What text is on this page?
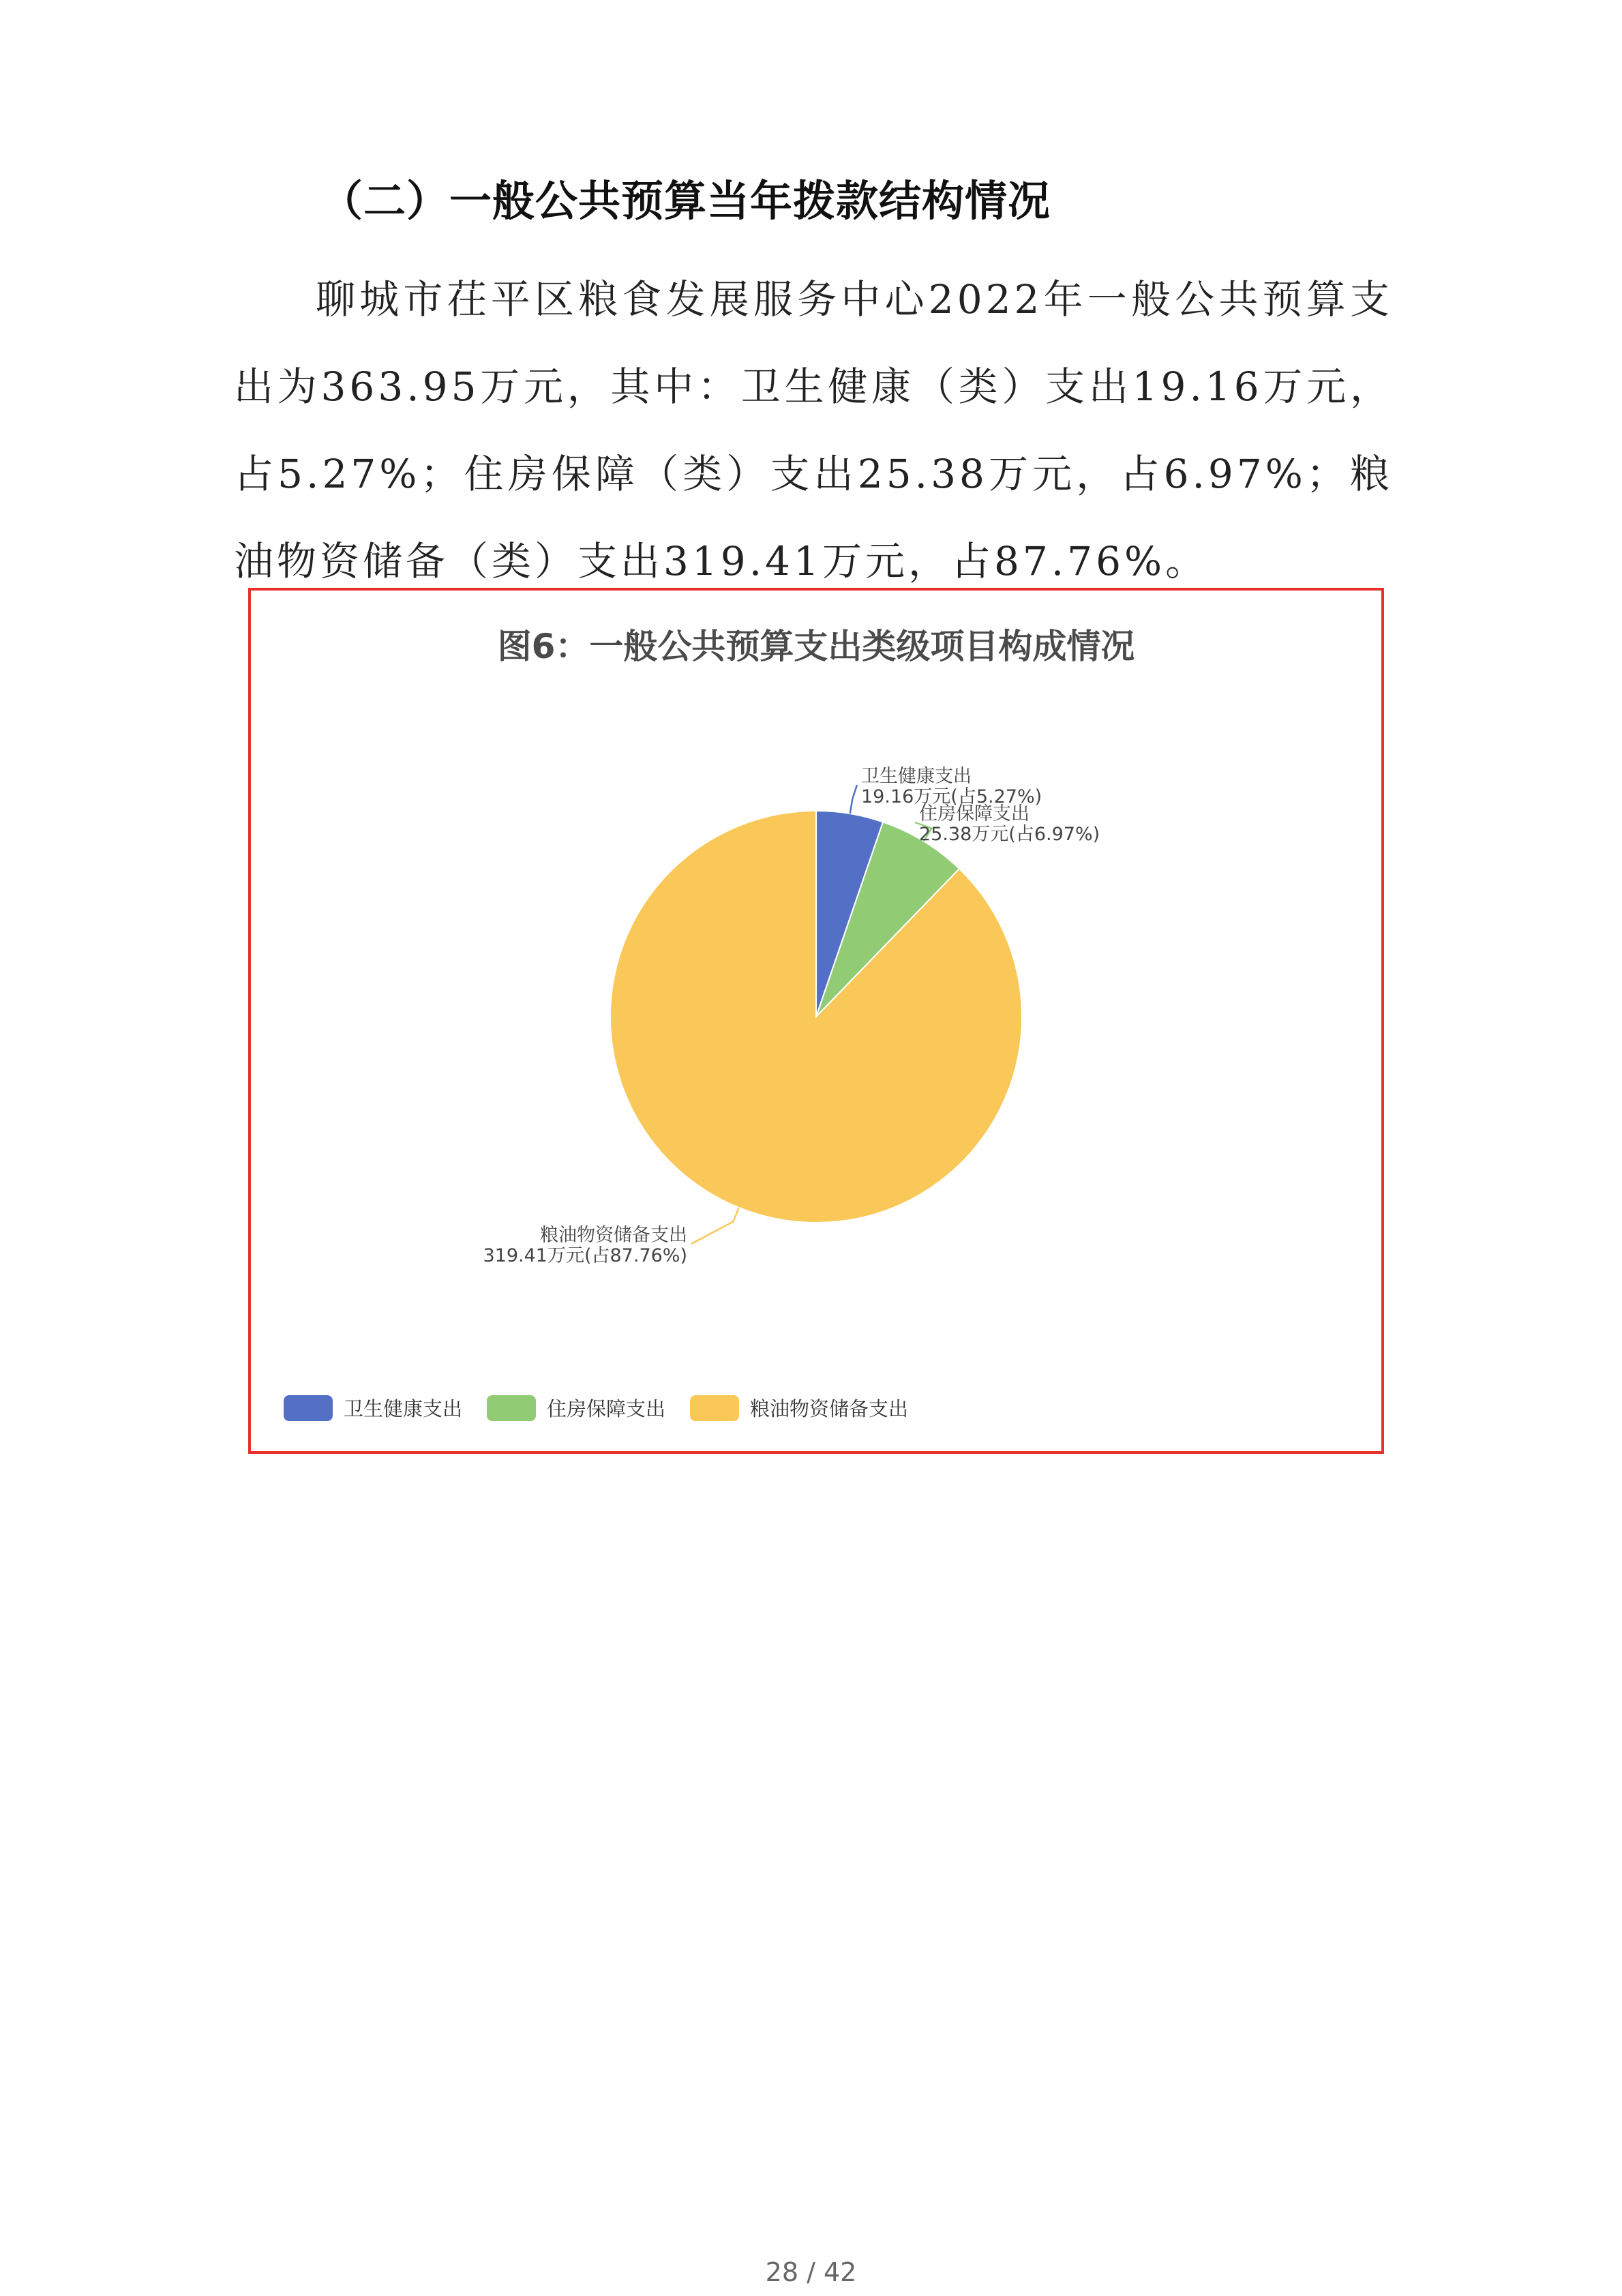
（二）一般公共预算当年拨款结构情况
聊城市茌平区粮食发展服务中心2022年一般公共预算支出为363.95万元，其中：卫生健康（类）支出19.16万元，占5.27%；住房保障（类）支出25.38万元，占6.97%；粮油物资储备（类）支出319.41万元，占87.76%。
图6：一般公共预算支出类级项目构成情况
卫生健康支出
19.16万元(占5.27%)
住房保障支出
25.38万元(占6.97%)
粮油物资储备支出
319.41万元(占87.76%)
卫生健康支出	住房保障支出	粮油物资储备支出
28 / 42
